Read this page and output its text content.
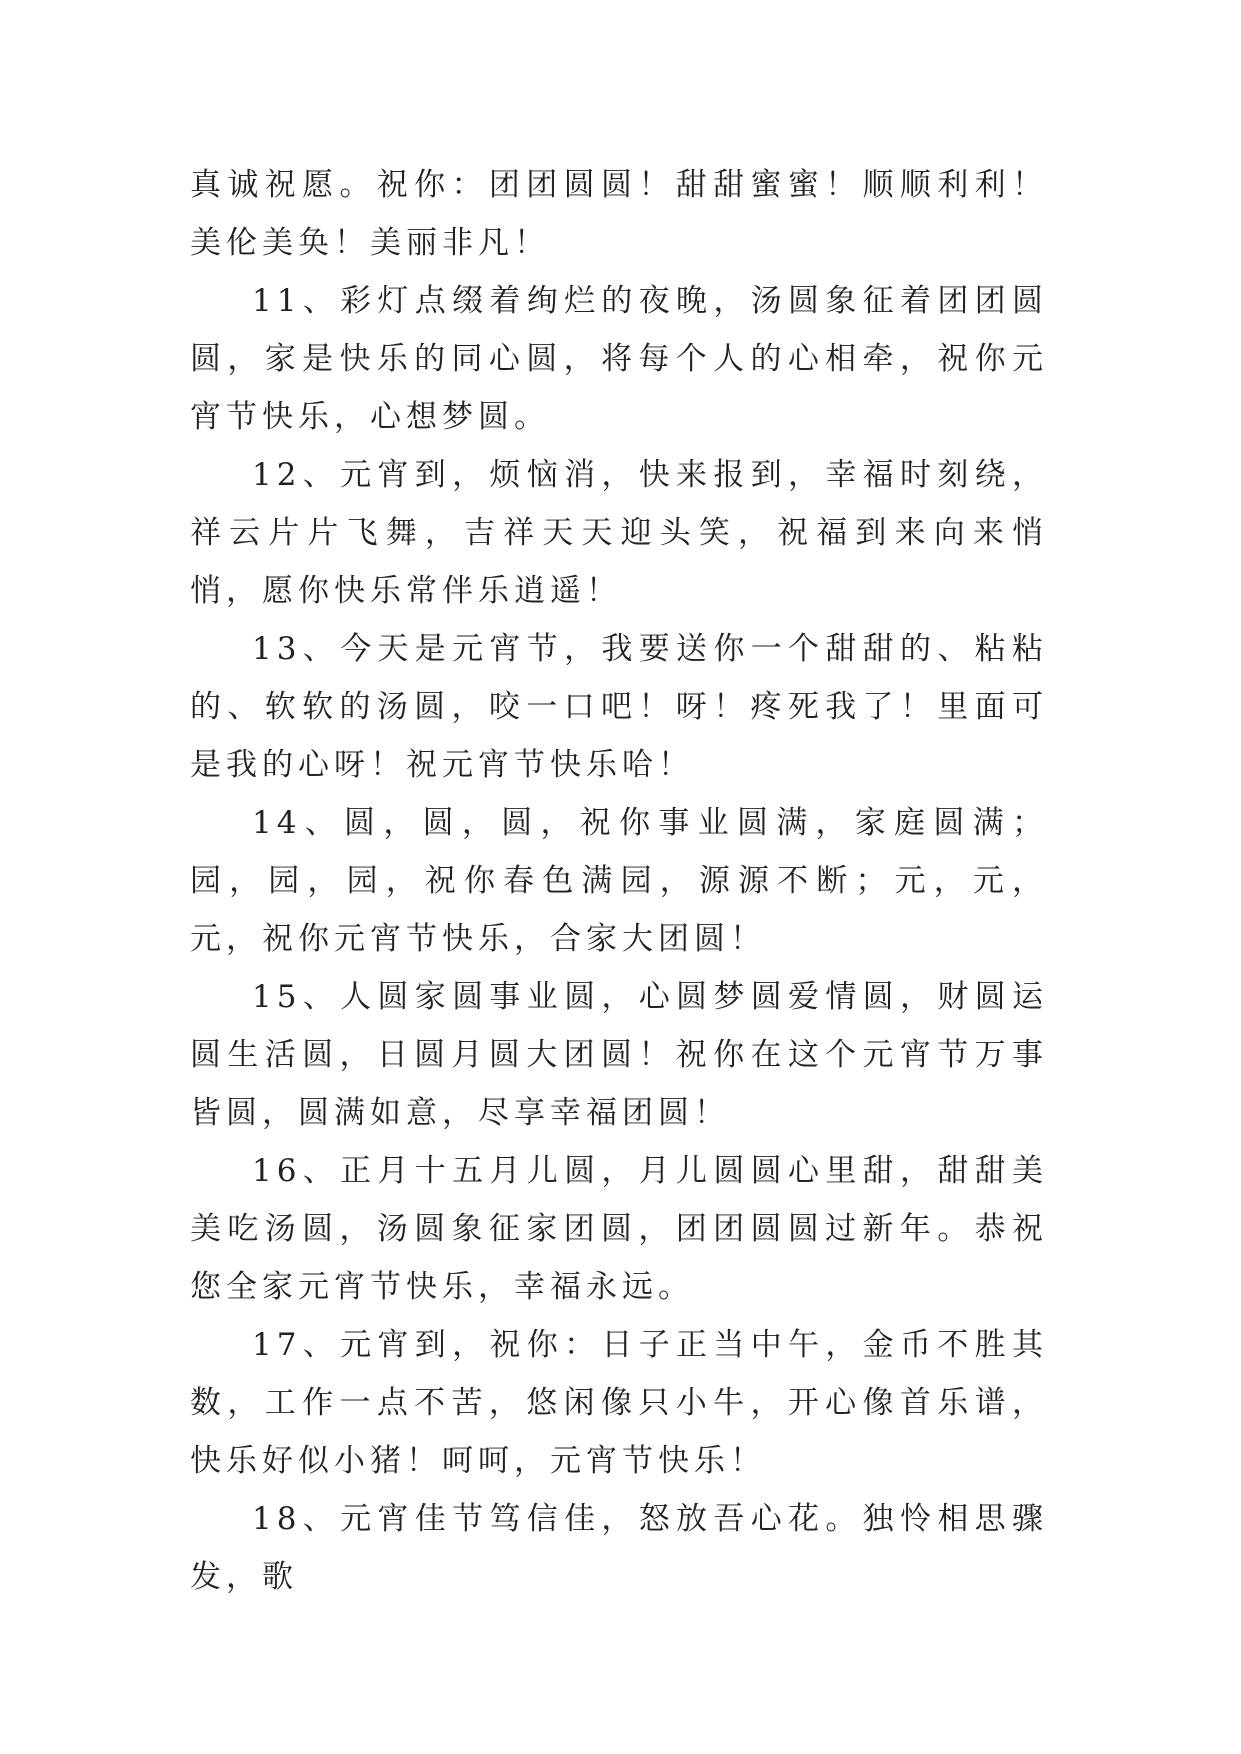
真诚祝愿。祝你：团团圆圆！甜甜蜜蜜！顺顺利利！美伦美奂！美丽非凡！

11、彩灯点缀着绚烂的夜晚，汤圆象征着团团圆圆，家是快乐的同心圆，将每个人的心相牵，祝你元宵节快乐，心想梦圆。

12、元宵到，烦恼消，快来报到，幸福时刻绕，祥云片片飞舞，吉祥天天迎头笑，祝福到来向来悄悄，愿你快乐常伴乐逍遥！

13、今天是元宵节，我要送你一个甜甜的、粘粘的、软软的汤圆，咬一口吧！呀！疼死我了！里面可是我的心呀！祝元宵节快乐哈！

14、圆，圆，圆，祝你事业圆满，家庭圆满；园，园，园，祝你春色满园，源源不断；元，元，元，祝你元宵节快乐，合家大团圆！

15、人圆家圆事业圆，心圆梦圆爱情圆，财圆运圆生活圆，日圆月圆大团圆！祝你在这个元宵节万事皆圆，圆满如意，尽享幸福团圆！

16、正月十五月儿圆，月儿圆圆心里甜，甜甜美美吃汤圆，汤圆象征家团圆，团团圆圆过新年。恭祝您全家元宵节快乐，幸福永远。

17、元宵到，祝你：日子正当中午，金币不胜其数，工作一点不苦，悠闲像只小牛，开心像首乐谱，快乐好似小猪！呵呵，元宵节快乐！

18、元宵佳节笃信佳，怒放吾心花。独怜相思骤发，歌
